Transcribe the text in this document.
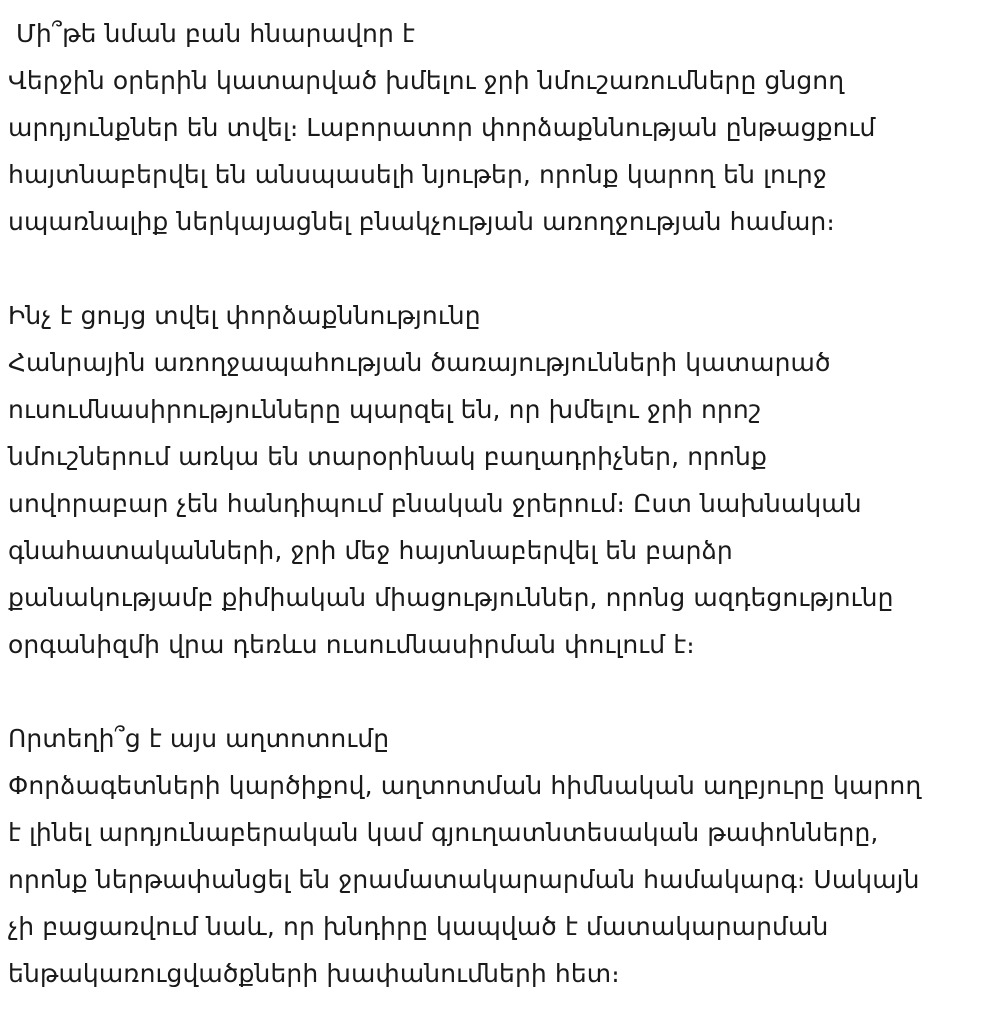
Մի՞թե նման բան հնարավոր է
Վերջին օրերին կատարված խմելու ջրի նմուշառումները ցնցող
արդյունքներ են տվել։ Լաբորատոր փորձաքննության ընթացքում
հայտնաբերվել են անսպասելի նյութեր, որոնք կարող են լուրջ
սպառնալիք ներկայացնել բնակչության առողջության համար։
Ինչ է ցույց տվել փորձաքննությունը
Հանրային առողջապահության ծառայությունների կատարած
ուսումնասիրությունները պարզել են, որ խմելու ջրի որոշ
նմուշներում առկա են տարօրինակ բաղադրիչներ, որոնք
սովորաբար չեն հանդիպում բնական ջրերում։ Ըստ նախնական
գնահատականների, ջրի մեջ հայտնաբերվել են բարձր
քանակությամբ քիմիական միացություններ, որոնց ազդեցությունը
օրգանիզմի վրա դեռևս ուսումնասիրման փուլում է։
Որտեղի՞ց է այս աղտոտումը
Փորձագետների կարծիքով, աղտոտման հիմնական աղբյուրը կարող
է լինել արդյունաբերական կամ գյուղատնտեսական թափոնները,
որոնք ներթափանցել են ջրամատակարարման համակարգ։ Սակայն
չի բացառվում նաև, որ խնդիրը կապված է մատակարարման
ենթակառուցվածքների խափանումների հետ։
